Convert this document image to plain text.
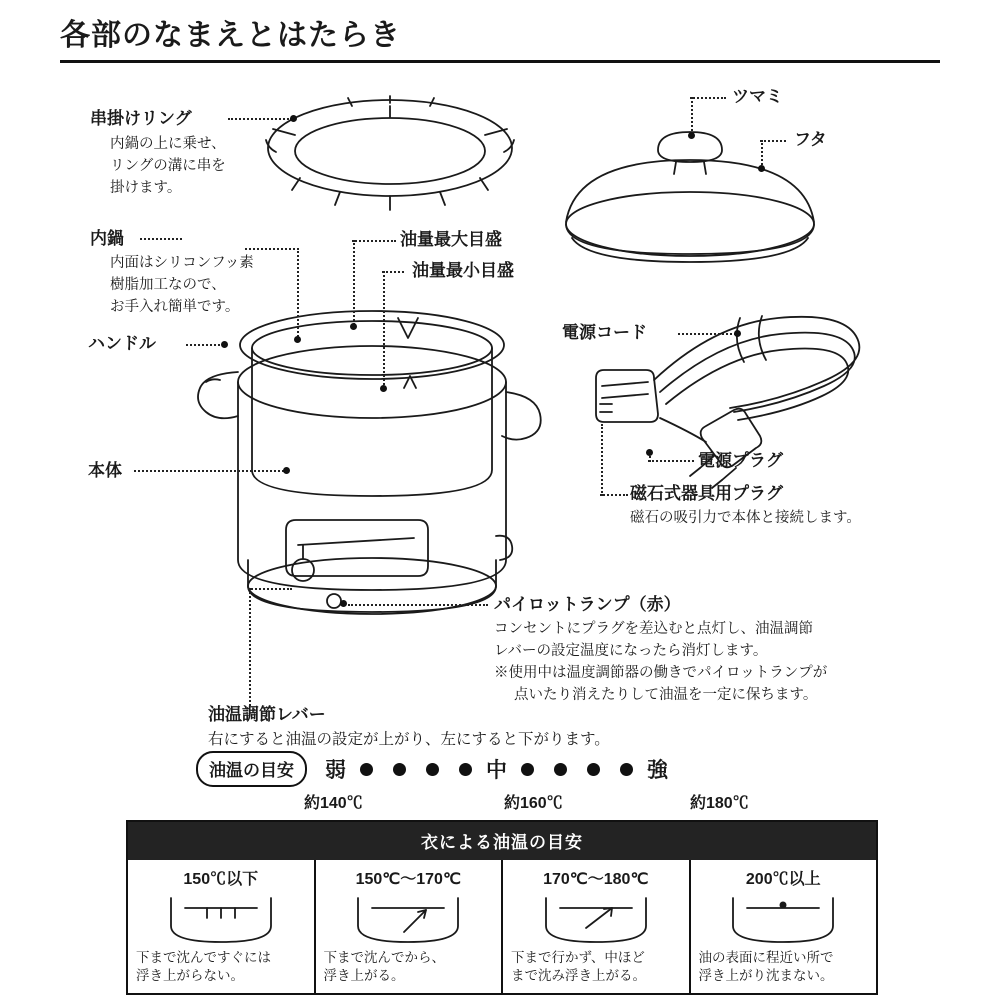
各部のなまえとはたらき
串掛けリング
内鍋の上に乗せ、
リングの溝に串を
掛けます。
内鍋
内面はシリコンフッ素
樹脂加工なので、
お手入れ簡単です。
ハンドル
本体
油量最大目盛
油量最小目盛
ツマミ
フタ
電源コード
電源プラグ
磁石式器具用プラグ
磁石の吸引力で本体と接続します。
パイロットランプ（赤）
コンセントにプラグを差込むと点灯し、油温調節
レバーの設定温度になったら消灯します。
※使用中は温度調節器の働きでパイロットランプが
点いたり消えたりして油温を一定に保ちます。
油温調節レバー
右にすると油温の設定が上がり、左にすると下がります。
油温の目安	弱	中	強
約140℃	約160℃	約180℃
衣による油温の目安
150℃以下
下まで沈んですぐには
浮き上がらない。
150℃～170℃
下まで沈んでから、
浮き上がる。
170℃～180℃
下まで行かず、中ほど
まで沈み浮き上がる。
200℃以上
油の表面に程近い所で
浮き上がり沈まない。
